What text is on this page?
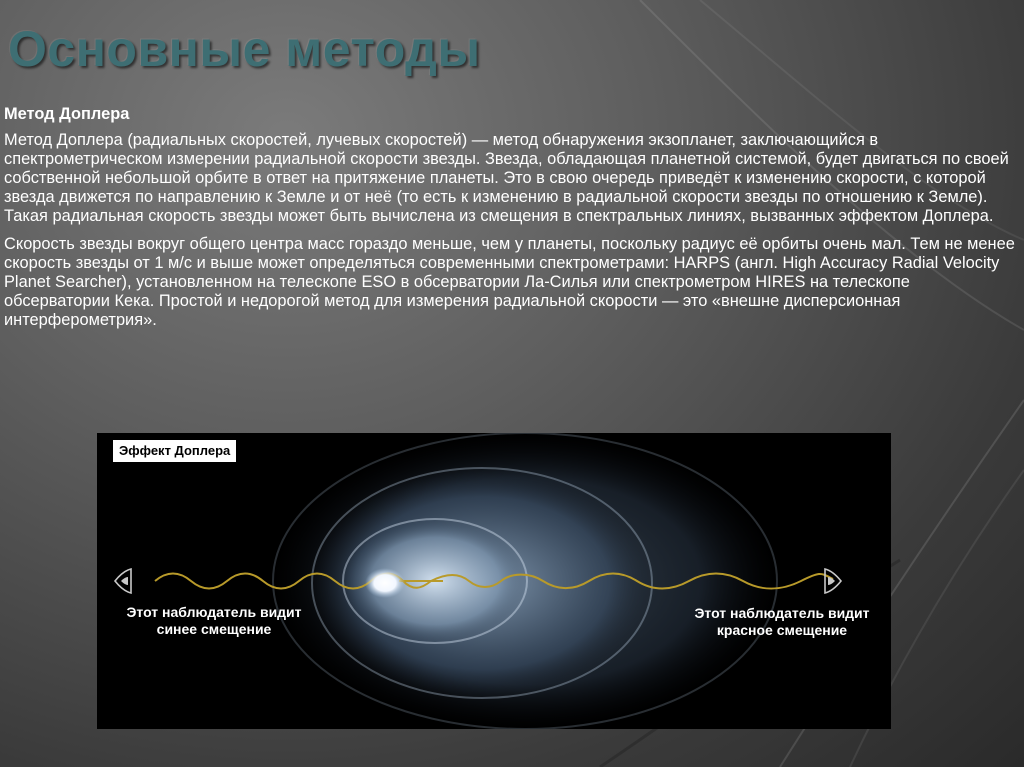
Основные методы

Метод Доплера

Метод Доплера (радиальных скоростей, лучевых скоростей) — метод обнаружения экзопланет, заключающийся в спектрометрическом измерении радиальной скорости звезды. Звезда, обладающая планетной системой, будет двигаться по своей собственной небольшой орбите в ответ на притяжение планеты. Это в свою очередь приведёт к изменению скорости, с которой звезда движется по направлению к Земле и от неё (то есть к изменению в радиальной скорости звезды по отношению к Земле). Такая радиальная скорость звезды может быть вычислена из смещения в спектральных линиях, вызванных эффектом Доплера.

Скорость звезды вокруг общего центра масс гораздо меньше, чем у планеты, поскольку радиус её орбиты очень мал. Тем не менее скорость звезды от 1 м/с и выше может определяться современными спектрометрами: HARPS (англ. High Accuracy Radial Velocity Planet Searcher), установленном на телескопе ESO в обсерватории Ла-Силья или спектрометром HIRES на телескопе обсерватории Кека. Простой и недорогой метод для измерения радиальной скорости — это «внешне дисперсионная интерферометрия».

Эффект Доплера
Этот наблюдатель видит
синее смещение
Этот наблюдатель видит
красное смещение
